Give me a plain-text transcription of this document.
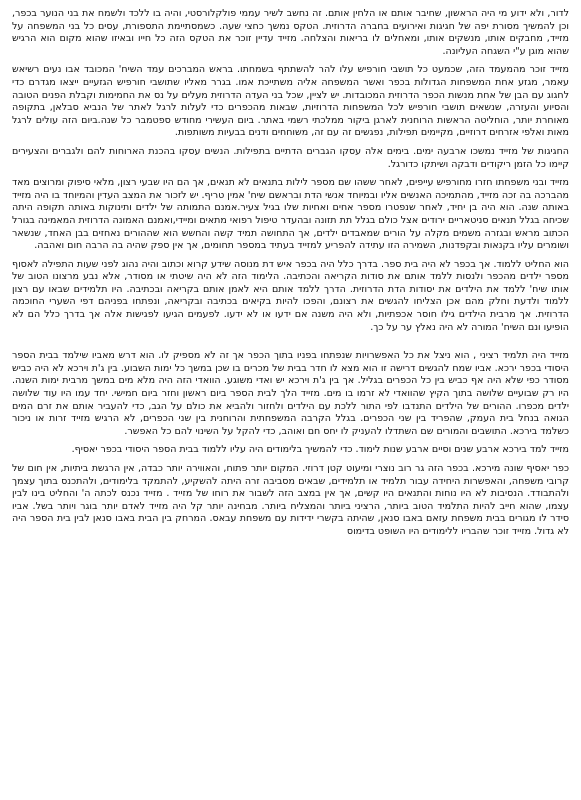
לדור, ולא ידוע מי היה הראשון, שחיבר אותם או הלחין אותם. זה נחשב לשיר עממי פולקלורסטי, והיה בו ללכד ולשמח את בני הנוער בכפר, וכן להמשיך מסורת יפה של חגיגות ואירועים בחברה הדרוזית. הטקס נמשך כחצי שעה. כשמסתיימת התספורת, עסים כל בני המשפחה על מזייד, מחבקים אותו, מנשקים אותו, ומאחלים לו בריאות והצלחה. מזייד עדיין זוכר את הטקס הזה כל חייו ובאיזו שהוא מקום הוא הרגיש שהוא מוגן ע"י השגחה העליונה.

מזייד זוכר מהמעמד הזה, שכמעט כל תושבי חורפיש עלו להר להשתתף בשמחתו. בראש המברכים עמד השיח' המכובד אבו נעים רשיאש עאמר, מגזע אחת המשפחות הגדולות בכפר ואשר המשפחה אליה משתייכת אמו. בגרר מאליו שתושבי חורפיש הגזעיים ייצאו מגדרם כדי לחגוג עם הבן של אחת מנשות הכפר הדרוזית המכובדות. יש לציין, שכל בני העדה הדרוזית מעלים על נס את החמימות וקבלת הפנים הטובה והסיוע והעזרה, שנשאים תושבי חורפיש לכל המשפחות הדרוזיות, שבאות מהכפרים כדי לעלות לרגל לאתר של הנביא סבלאן, בתקופה מאוחרת יותר, הוחליטה הראשות הרוחנית לארגן ביקור ממלכתי רשמי באתר. ביום העשירי מחודש ספטמבר כל שנה.ביום הזה עולים לרגל מאות ואלפי אזרחים דרוזיים, מקיימים תפילות, נפגשים זה עם זה, משוחחים ודנים בבעיות משותפות.

החגיגות של מזייד נמשכו ארבעה ימים. בימים אלה עסקו הגברים הדתיים בתפילות. הנשים עסקו בהכנת הארוחות להם ולגברים והצעירים קיימו כל הזמן ריקודים ודבקה ושיתקו כדורגל.

מזייד ובני משפחתו חזרו מחורפיש עייפים, לאחר ששהו שם מספר לילות בתנאים לא תנאים, אך הם היו שבעי רצון, מלאי סיפוק ומרוצים מאד מהברכה בה זכה מזייד, מהתמיכה האנשים אליו ובמיוחד אנשי הדת ובראשם שיח' אמין טריף. יש לזכור את המצב העדין והמיוחד בו היה מזייד באותה שנה. הוא היה בן יחיד, לאחר שנפטרו מספר אחים ואחיות שלו בגיל צעיר.אמנם התמותה של ילדים ותינוקות באותה תקופה היתה שכיחה בגלל תנאים סניטאריים ירודים אצל כולם בגלל תת תזונה ובהעדר טיפול רפואי מתאים ומיידי,ואמנם האמונה הדרוזית המאמינה בגורל הכתוב מראש ובגזרה משמים מקלה על הורים שמאבדים ילדים, אך התחושה תמיד קשה והחשש הוא שההורים נאחזים בבן האחד, שנשאר ושומרים עליו בקנאות ובקפדנות, השמירה הזו עתידה להפריע למזייד בעתיד במספר תחומים, אך אין ספק שהיה בה הרבה חום ואהבה.

הוא החליט ללמוד. אך בכפר לא היה בית ספר. בדרך כלל היה בכפר איש דת מנוסה שידע קרוא וכתוב והיה נהוג לפני שעות התפילה לאסוף מספר ילדים מהכפר ולנסות ללמד אותם את סודות הקריאה והכתיבה. הלימוד הזה לא היה שיטתי או מסודר, אלא נבע מרצונו הטוב של אותו שיח' ללמד את הילדים את יסודות הדת הדרוזית. הדרך ללמד אותם היא לאמן אותם בקריאה ובכתיבה. היו תלמידים שבאו עם רצון ללמוד ולדעת וחלק מהם אכן הצליחו להגשים את רצונם, והפכו להיות בקיאים בכתיבה ובקריאה, ונפתחו בפניהם דפי השערי החוכמה הדרוזית. אך מרבית הילדים גילו חוסר אכפתיות, ולא היה משנה אם ידעו או לא ידעו. לפעמים הגיעו לפגישות אלה אך בדרך כלל הם לא הופיעו ונם השיח' המורה לא היה נאלץ ער על כך.

מזייד היה תלמיד רציני , הוא ניצל את כל האפשרויות שנפתחו בפניו בתוך הכפר אך זה לא מספיק לו. הוא דרש מאביו שילמד בבית הספר היסודי בכפר ירכא. אביו שמח להגשים דרישה זו הוא מצא לו חדר בבית של מכרים בו שכן במשך כל ימות השבוע. בין ג'ת וירכא לא היה כביש מסודר כפי שלא היה אף כביש בין כל הכפרים בגליל. אך בין ג'ת וירכא יש ואדי משוגע. הוואדי הזה היה מלא מים במשך מרבית ימות השנה. היו רק שבועיים שלושה בתוך הקיץ שהוואדי לא זרמו בו מים. מזייד הלך לבית הספר ביום ראשון וחזר ביום חמישי. יחד עמו היו עוד שלושה ילדים מכפרו. ההורים של הילדים התנדבו לפי התור ללכת עם הילדים ולחזור ולהביא את כולם על הגב, כדי להעביר אותם את זרם המים הגואה בנחל בית העמק, שהפריד בין שני הכפרים. בגלל הקרבה המשפחתית והרוחנית בין שני הכפרים, לא הרגיש מזייד זרות או ניכור כשלמד בירכא. התושבים והמורים שם השתדלו להעניק לו יחס חם ואוהב, כדי להקל על השינוי להם כל האפשר.

מזייד למד בירכא ארבע שנים וסיים ארבע שנות לימוד. כדי להמשיך בלימודים היה עליו ללמוד בבית הספר היסודי בכפר יאסיף.

כפר יאסיף שונה מירכא. בכפר הזה גר רוב נוצרי ומיעוט קטן דרוזי. המקום יותר פתוח, והאווירה יותר כבדה, אין הרגשת ביתיות, אין חום של קרובי משפחה, והאפשרות היחידה עבור תלמיד או תלמידים, שבאים מסביבה זרה היתה להשקיע, להתמקד בלימודים, ולהתכנס בתוך עצמך ולהתבודד. הנסיבות לא היו נוחות והתנאים היו קשים, אך אין במצב הזה לשבור את רוחו של מזייד . מזייד נכנס לכתה ה' והחליט בינו לבין עצמו, שהוא חייב להיות התלמיד הטוב ביותר, הרציני ביותר והמצליח ביותר. מבחינה יותר קל היה מזייד לאדם יותר בוגר ויותר בשל. אביו סידר לו מגורים בבית משפחת עזאם באבו סנאן, שהיתה בקשרי ידידות עם משפחת עבאס. המרחק בין הבית באבו סנאן לבין בית הספר היה לא גדול. מזייד זוכר שהבריו ללימודים היו השופט בדימוס
